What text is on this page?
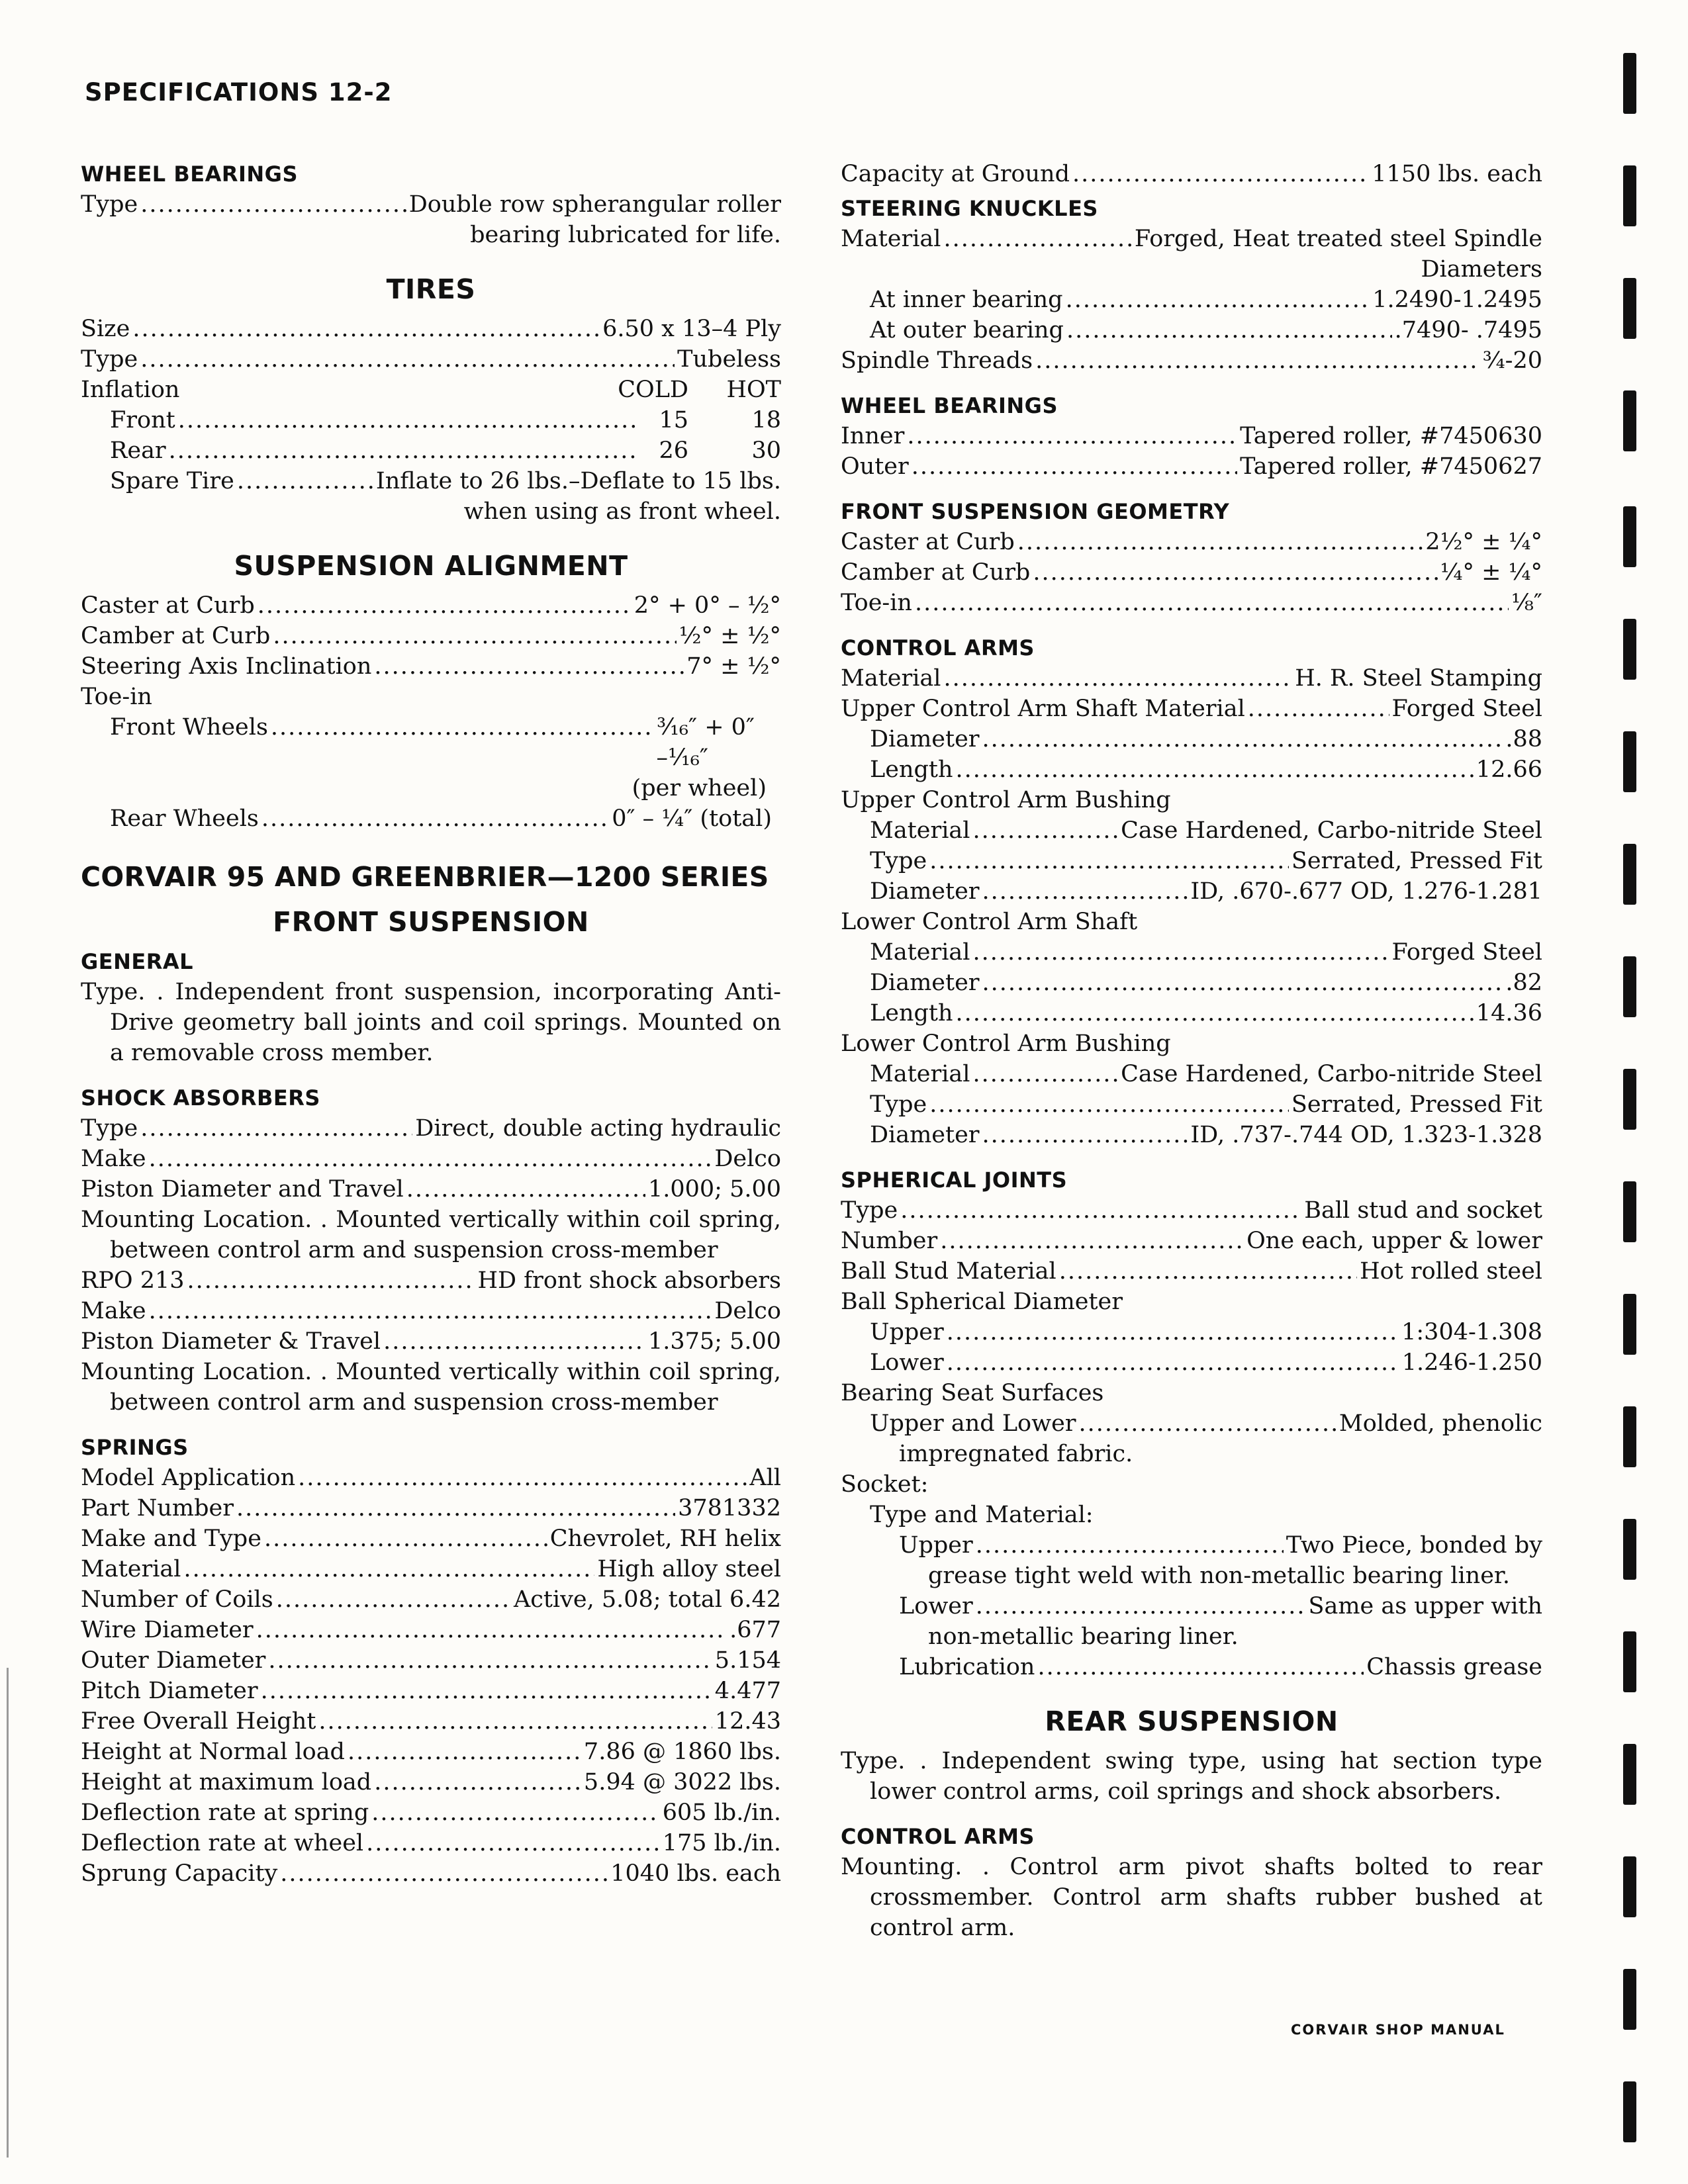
SPECIFICATIONS 12-2
WHEEL BEARINGS
Type .....	Double row spherangular roller
bearing lubricated for life.
TIRES
Size .....	6.50 x 13–4 Ply
Type .....	Tubeless
Inflation	COLD	HOT
Front .....	15	18
Rear .....	26	30
Spare Tire .....	Inflate to 26 lbs.–Deflate to 15 lbs.
when using as front wheel.
SUSPENSION ALIGNMENT
Caster at Curb .....	2° + 0° – ½°
Camber at Curb .....	½° ± ½°
Steering Axis Inclination .....	7° ± ½°
Toe-in
Front Wheels .....	³⁄₁₆″ + 0″
–¹⁄₁₆″
(per wheel)
Rear Wheels .....	0″ – ¼″ (total)
CORVAIR 95 AND GREENBRIER—1200 SERIES
FRONT SUSPENSION
GENERAL
Type. . Independent front suspension, incorporating Anti-Drive geometry ball joints and coil springs. Mounted on a removable cross member.
SHOCK ABSORBERS
Type .....	Direct, double acting hydraulic
Make .....	Delco
Piston Diameter and Travel .....	1.000; 5.00
Mounting Location. . Mounted vertically within coil spring, between control arm and suspension cross-member
RPO 213 .....	HD front shock absorbers
Make .....	Delco
Piston Diameter & Travel .....	1.375; 5.00
Mounting Location. . Mounted vertically within coil spring, between control arm and suspension cross-member
SPRINGS
Model Application .....	All
Part Number .....	3781332
Make and Type .....	Chevrolet, RH helix
Material .....	High alloy steel
Number of Coils .....	Active, 5.08; total 6.42
Wire Diameter .....	.677
Outer Diameter .....	5.154
Pitch Diameter .....	4.477
Free Overall Height .....	12.43
Height at Normal load .....	7.86 @ 1860 lbs.
Height at maximum load .....	5.94 @ 3022 lbs.
Deflection rate at spring .....	605 lb./in.
Deflection rate at wheel .....	175 lb./in.
Sprung Capacity .....	1040 lbs. each
Capacity at Ground .....	1150 lbs. each
STEERING KNUCKLES
Material .....	Forged, Heat treated steel Spindle
Diameters
At inner bearing .....	1.2490-1.2495
At outer bearing .....	.7490- .7495
Spindle Threads .....	¾-20
WHEEL BEARINGS
Inner .....	Tapered roller, #7450630
Outer .....	Tapered roller, #7450627
FRONT SUSPENSION GEOMETRY
Caster at Curb .....	2½° ± ¼°
Camber at Curb .....	¼° ± ¼°
Toe-in .....	⅛″
CONTROL ARMS
Material .....	H. R. Steel Stamping
Upper Control Arm Shaft Material .....	Forged Steel
Diameter .....	.88
Length .....	12.66
Upper Control Arm Bushing
Material .....	Case Hardened, Carbo-nitride Steel
Type .....	Serrated, Pressed Fit
Diameter .....	ID, .670-.677 OD, 1.276-1.281
Lower Control Arm Shaft
Material .....	Forged Steel
Diameter .....	.82
Length .....	14.36
Lower Control Arm Bushing
Material .....	Case Hardened, Carbo-nitride Steel
Type .....	Serrated, Pressed Fit
Diameter .....	ID, .737-.744 OD, 1.323-1.328
SPHERICAL JOINTS
Type .....	Ball stud and socket
Number .....	One each, upper & lower
Ball Stud Material .....	Hot rolled steel
Ball Spherical Diameter
Upper .....	1:304-1.308
Lower .....	1.246-1.250
Bearing Seat Surfaces
Upper and Lower .....	Molded, phenolic
impregnated fabric.
Socket:
Type and Material:
Upper .....	Two Piece, bonded by
grease tight weld with non-metallic bearing liner.
Lower .....	Same as upper with
non-metallic bearing liner.
Lubrication .....	Chassis grease
REAR SUSPENSION
Type. . Independent swing type, using hat section type lower control arms, coil springs and shock absorbers.
CONTROL ARMS
Mounting. . Control arm pivot shafts bolted to rear crossmember. Control arm shafts rubber bushed at control arm.
CORVAIR SHOP MANUAL
